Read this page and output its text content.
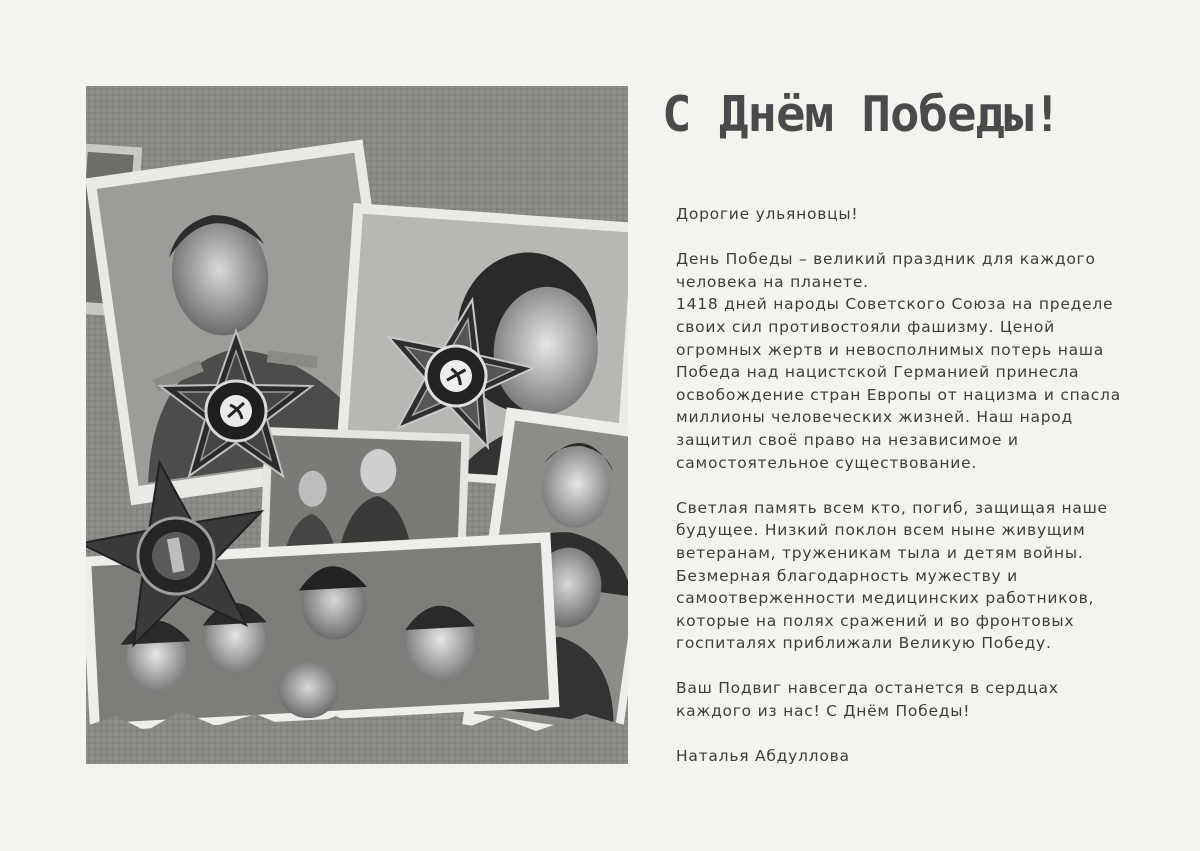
С Днём Победы!

Дорогие ульяновцы!

День Победы – великий праздник для каждого
человека на планете.
1418 дней народы Советского Союза на пределе
своих сил противостояли фашизму. Ценой
огромных жертв и невосполнимых потерь наша
Победа над нацистской Германией принесла
освобождение стран Европы от нацизма и спасла
миллионы человеческих жизней. Наш народ
защитил своё право на независимое и
самостоятельное существование.

Светлая память всем кто, погиб, защищая наше
будущее. Низкий поклон всем ныне живущим
ветеранам, труженикам тыла и детям войны.
Безмерная благодарность мужеству и
самоотверженности медицинских работников,
которые на полях сражений и во фронтовых
госпиталях приближали Великую Победу.

Ваш Подвиг навсегда останется в сердцах
каждого из нас! С Днём Победы!

Наталья Абдуллова
